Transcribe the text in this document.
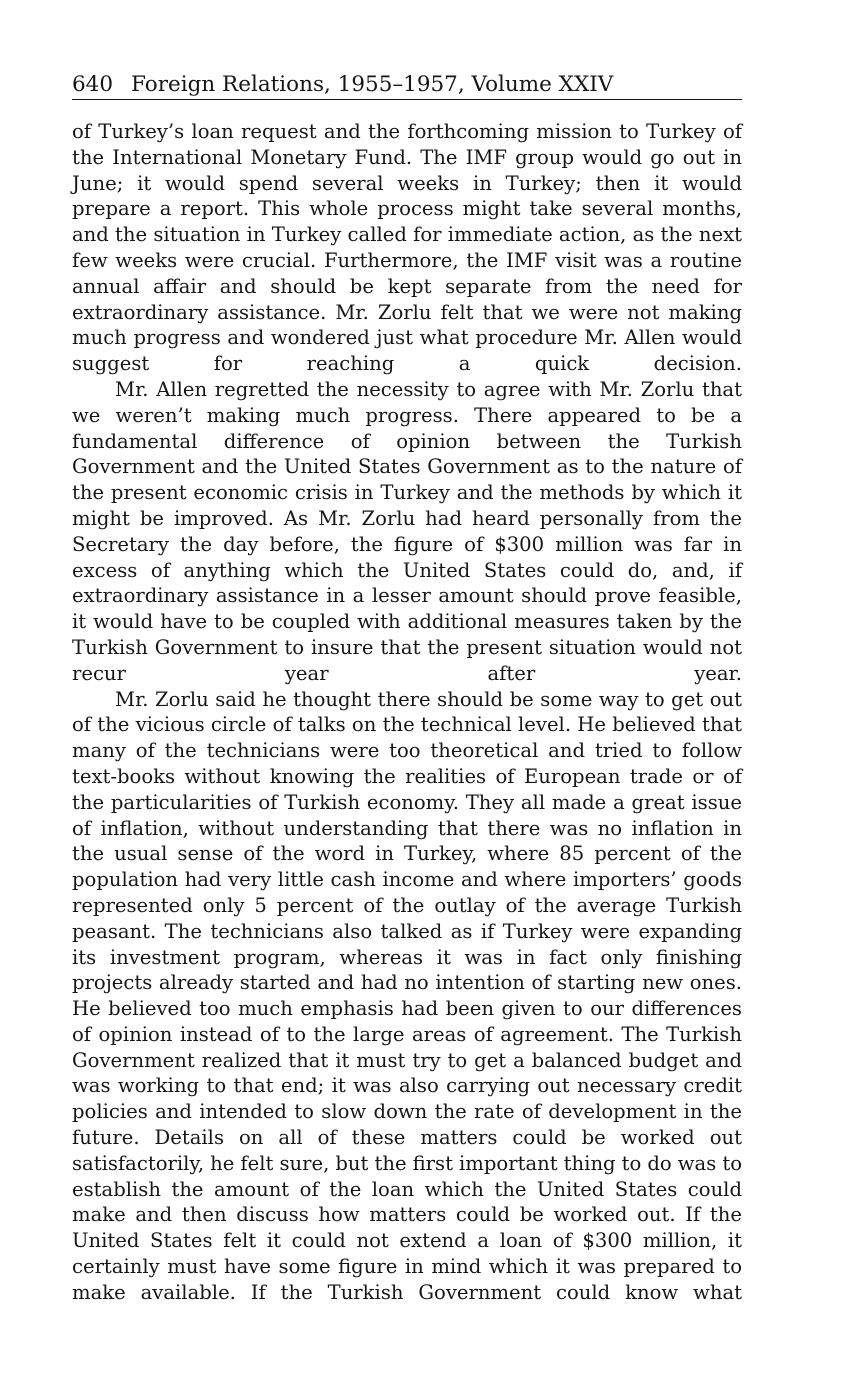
640 Foreign Relations, 1955–1957, Volume XXIV

of Turkey’s loan request and the forthcoming mission to Turkey of the International Monetary Fund. The IMF group would go out in June; it would spend several weeks in Turkey; then it would prepare a report. This whole process might take several months, and the situation in Turkey called for immediate action, as the next few weeks were crucial. Furthermore, the IMF visit was a routine annual affair and should be kept separate from the need for extraordinary assistance. Mr. Zorlu felt that we were not making much progress and wondered just what procedure Mr. Allen would suggest for reaching a quick decision.

Mr. Allen regretted the necessity to agree with Mr. Zorlu that we weren’t making much progress. There appeared to be a fundamental difference of opinion between the Turkish Government and the United States Government as to the nature of the present economic crisis in Turkey and the methods by which it might be improved. As Mr. Zorlu had heard personally from the Secretary the day before, the figure of $300 million was far in excess of anything which the United States could do, and, if extraordinary assistance in a lesser amount should prove feasible, it would have to be coupled with additional measures taken by the Turkish Government to insure that the present situation would not recur year after year.

Mr. Zorlu said he thought there should be some way to get out of the vicious circle of talks on the technical level. He believed that many of the technicians were too theoretical and tried to follow text-books without knowing the realities of European trade or of the particularities of Turkish economy. They all made a great issue of inflation, without understanding that there was no inflation in the usual sense of the word in Turkey, where 85 percent of the population had very little cash income and where importers’ goods represented only 5 percent of the outlay of the average Turkish peasant. The technicians also talked as if Turkey were expanding its investment program, whereas it was in fact only finishing projects already started and had no intention of starting new ones. He believed too much emphasis had been given to our differences of opinion instead of to the large areas of agreement. The Turkish Government realized that it must try to get a balanced budget and was working to that end; it was also carrying out necessary credit policies and intended to slow down the rate of development in the future. Details on all of these matters could be worked out satisfactorily, he felt sure, but the first important thing to do was to establish the amount of the loan which the United States could make and then discuss how matters could be worked out. If the United States felt it could not extend a loan of $300 million, it certainly must have some figure in mind which it was prepared to make available. If the Turkish Government could know what
